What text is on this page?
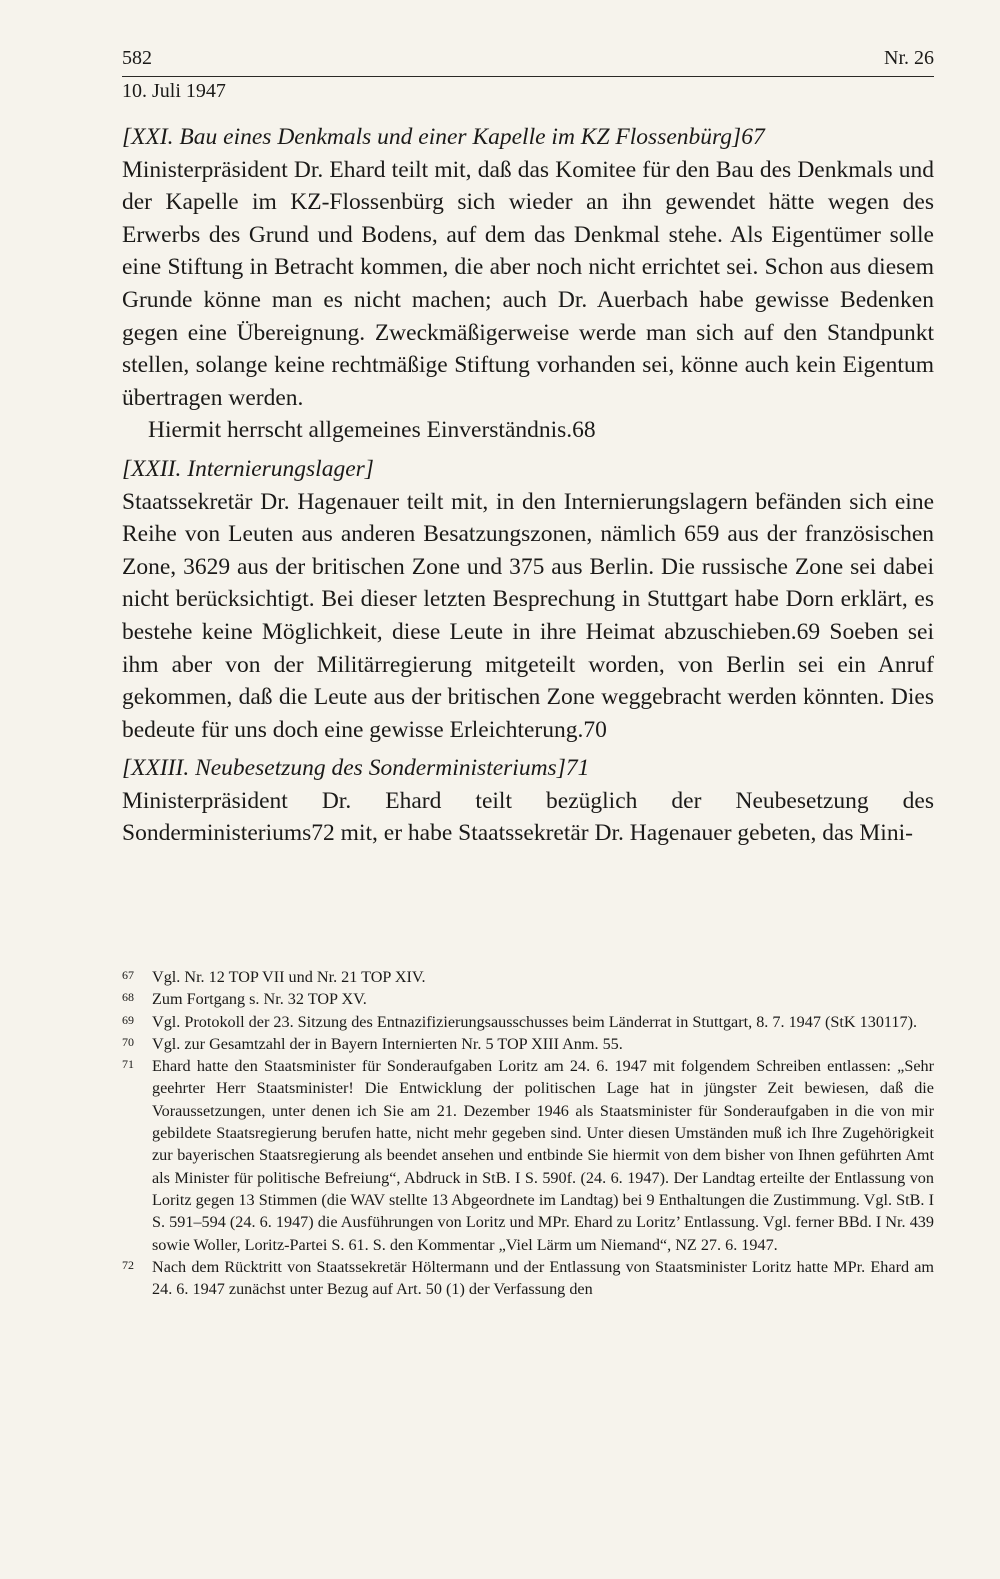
582	Nr. 26
10. Juli 1947

[XXI. Bau eines Denkmals und einer Kapelle im KZ Flossenbürg]67

Ministerpräsident Dr. Ehard teilt mit, daß das Komitee für den Bau des Denkmals und der Kapelle im KZ-Flossenbürg sich wieder an ihn gewendet hätte wegen des Erwerbs des Grund und Bodens, auf dem das Denkmal stehe. Als Eigentümer solle eine Stiftung in Betracht kommen, die aber noch nicht errichtet sei. Schon aus diesem Grunde könne man es nicht machen; auch Dr. Auerbach habe gewisse Bedenken gegen eine Übereignung. Zweckmäßigerweise werde man sich auf den Standpunkt stellen, solange keine rechtmäßige Stiftung vorhanden sei, könne auch kein Eigentum übertragen werden.

Hiermit herrscht allgemeines Einverständnis.68

[XXII. Internierungslager]

Staatssekretär Dr. Hagenauer teilt mit, in den Internierungslagern befänden sich eine Reihe von Leuten aus anderen Besatzungszonen, nämlich 659 aus der französischen Zone, 3629 aus der britischen Zone und 375 aus Berlin. Die russische Zone sei dabei nicht berücksichtigt. Bei dieser letzten Besprechung in Stuttgart habe Dorn erklärt, es bestehe keine Möglichkeit, diese Leute in ihre Heimat abzuschieben.69 Soeben sei ihm aber von der Militärregierung mitgeteilt worden, von Berlin sei ein Anruf gekommen, daß die Leute aus der britischen Zone weggebracht werden könnten. Dies bedeute für uns doch eine gewisse Erleichterung.70

[XXIII. Neubesetzung des Sonderministeriums]71

Ministerpräsident Dr. Ehard teilt bezüglich der Neubesetzung des Sonderministeriums72 mit, er habe Staatssekretär Dr. Hagenauer gebeten, das Mini-

67	Vgl. Nr. 12 TOP VII und Nr. 21 TOP XIV.
68	Zum Fortgang s. Nr. 32 TOP XV.
69	Vgl. Protokoll der 23. Sitzung des Entnazifizierungsausschusses beim Länderrat in Stuttgart, 8. 7. 1947 (StK 130117).
70	Vgl. zur Gesamtzahl der in Bayern Internierten Nr. 5 TOP XIII Anm. 55.
71	Ehard hatte den Staatsminister für Sonderaufgaben Loritz am 24. 6. 1947 mit folgendem Schreiben entlassen: „Sehr geehrter Herr Staatsminister! Die Entwicklung der politischen Lage hat in jüngster Zeit bewiesen, daß die Voraussetzungen, unter denen ich Sie am 21. Dezember 1946 als Staatsminister für Sonderaufgaben in die von mir gebildete Staatsregierung berufen hatte, nicht mehr gegeben sind. Unter diesen Umständen muß ich Ihre Zugehörigkeit zur bayerischen Staatsregierung als beendet ansehen und entbinde Sie hiermit von dem bisher von Ihnen geführten Amt als Minister für politische Befreiung“, Abdruck in StB. I S. 590f. (24. 6. 1947). Der Landtag erteilte der Entlassung von Loritz gegen 13 Stimmen (die WAV stellte 13 Abgeordnete im Landtag) bei 9 Enthaltungen die Zustimmung. Vgl. StB. I S. 591–594 (24. 6. 1947) die Ausführungen von Loritz und MPr. Ehard zu Loritz’ Entlassung. Vgl. ferner BBd. I Nr. 439 sowie Woller, Loritz-Partei S. 61. S. den Kommentar „Viel Lärm um Niemand“, NZ 27. 6. 1947.
72	Nach dem Rücktritt von Staatssekretär Höltermann und der Entlassung von Staatsminister Loritz hatte MPr. Ehard am 24. 6. 1947 zunächst unter Bezug auf Art. 50 (1) der Verfassung den
